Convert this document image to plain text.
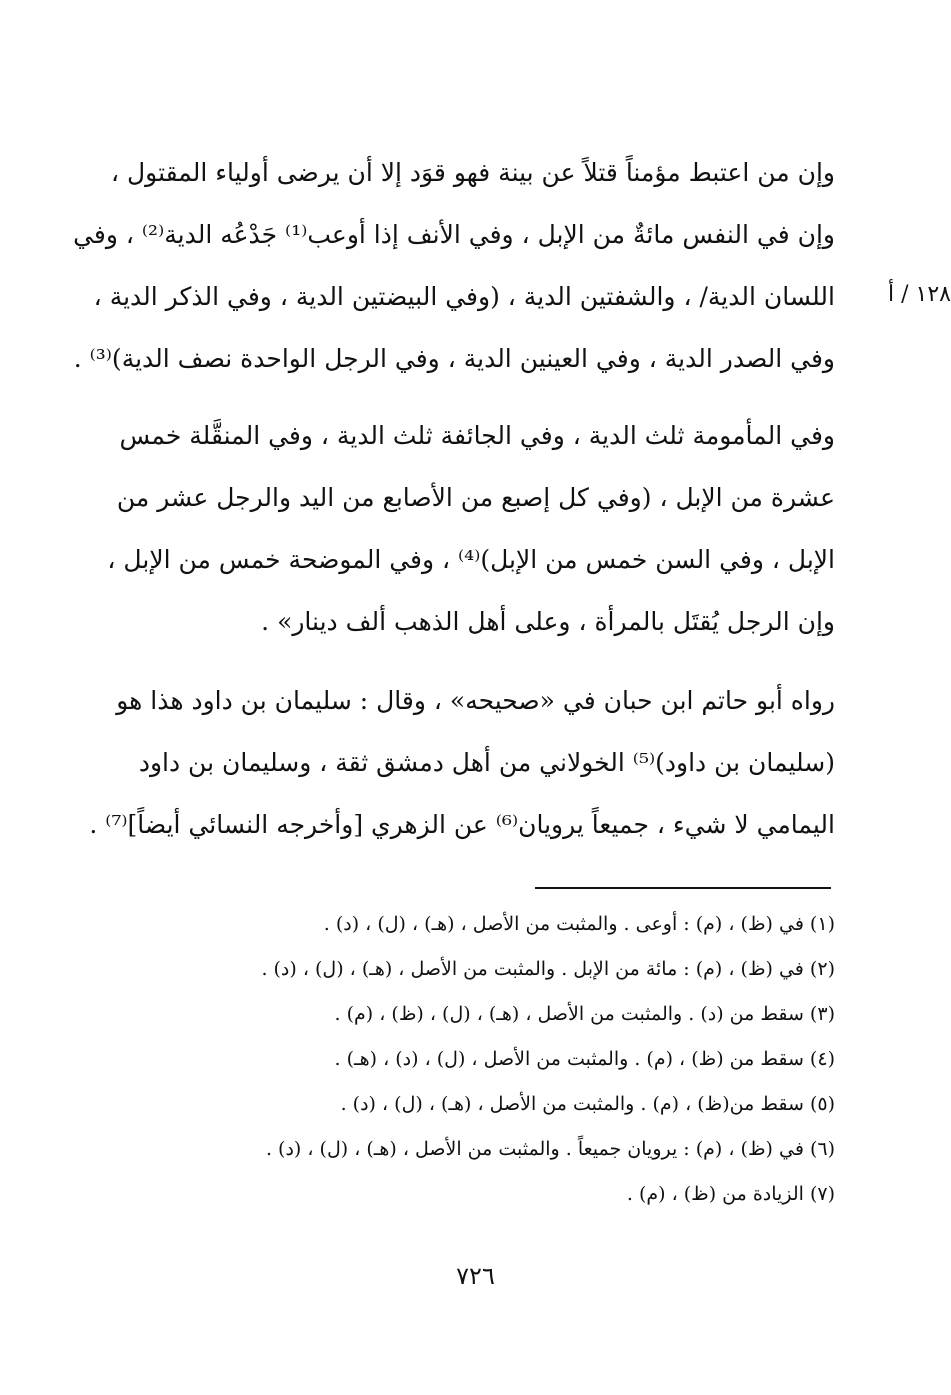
١٢٨ / أ
وإن من اعتبط مؤمناً قتلاً عن بينة فهو قوَد إلا أن يرضى أولياء المقتول ،
وإن في النفس مائةٌ من الإبل ، وفي الأنف إذا أوعب⁽¹⁾ جَدْعُه الدية⁽²⁾ ، وفي
اللسان الدية/ ، والشفتين الدية ، (وفي البيضتين الدية ، وفي الذكر الدية ،
وفي الصدر الدية ، وفي العينين الدية ، وفي الرجل الواحدة نصف الدية)⁽³⁾ .
وفي المأمومة ثلث الدية ، وفي الجائفة ثلث الدية ، وفي المنقَّلة خمس
عشرة من الإبل ، (وفي كل إصبع من الأصابع من اليد والرجل عشر من
الإبل ، وفي السن خمس من الإبل)⁽⁴⁾ ، وفي الموضحة خمس من الإبل ،
وإن الرجل يُقتَل بالمرأة ، وعلى أهل الذهب ألف دينار» .
رواه أبو حاتم ابن حبان في «صحيحه» ، وقال : سليمان بن داود هذا هو
(سليمان بن داود)⁽⁵⁾ الخولاني من أهل دمشق ثقة ، وسليمان بن داود
اليمامي لا شيء ، جميعاً يرويان⁽⁶⁾ عن الزهري [وأخرجه النسائي أيضاً]⁽⁷⁾ .
(١) في (ظ) ، (م) : أوعى . والمثبت من الأصل ، (هـ) ، (ل) ، (د) .
(٢) في (ظ) ، (م) : مائة من الإبل . والمثبت من الأصل ، (هـ) ، (ل) ، (د) .
(٣) سقط من (د) . والمثبت من الأصل ، (هـ) ، (ل) ، (ظ) ، (م) .
(٤) سقط من (ظ) ، (م) . والمثبت من الأصل ، (ل) ، (د) ، (هـ) .
(٥) سقط من(ظ) ، (م) . والمثبت من الأصل ، (هـ) ، (ل) ، (د) .
(٦) في (ظ) ، (م) : يرويان جميعاً . والمثبت من الأصل ، (هـ) ، (ل) ، (د) .
(٧) الزيادة من (ظ) ، (م) .
٧٢٦
